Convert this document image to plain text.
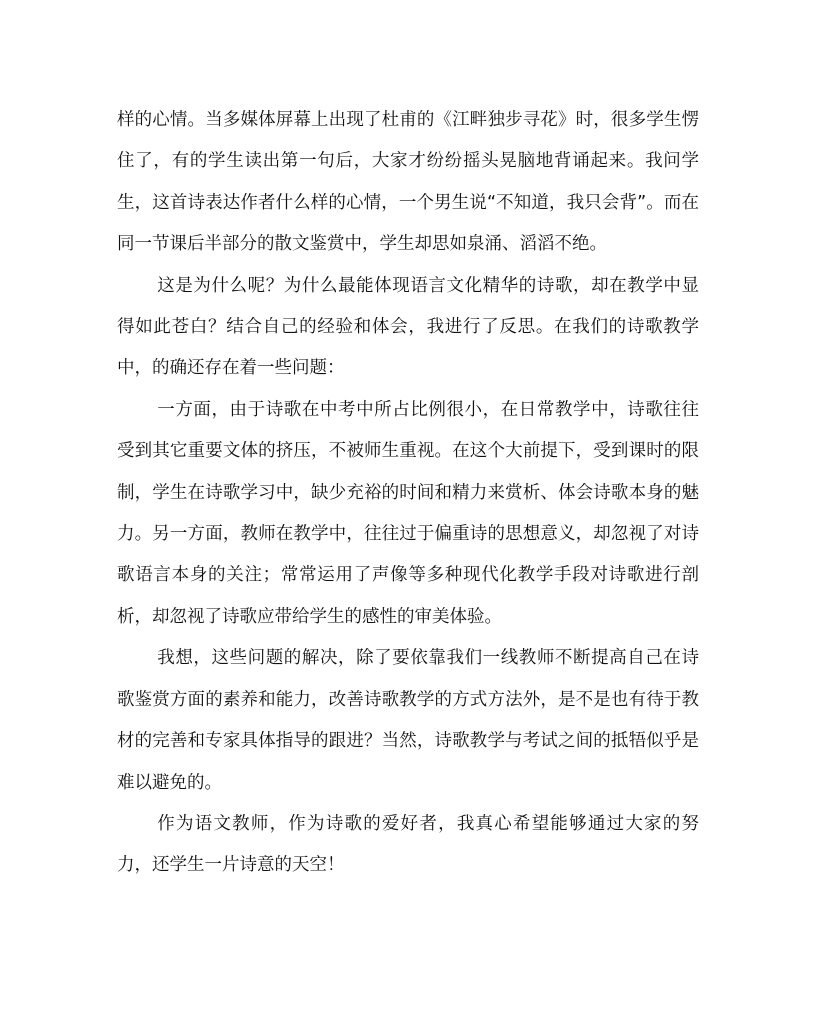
样的心情。当多媒体屏幕上出现了杜甫的《江畔独步寻花》时，很多学生愣住了，有的学生读出第一句后，大家才纷纷摇头晃脑地背诵起来。我问学生，这首诗表达作者什么样的心情，一个男生说“不知道，我只会背”。而在同一节课后半部分的散文鉴赏中，学生却思如泉涌、滔滔不绝。

这是为什么呢？为什么最能体现语言文化精华的诗歌，却在教学中显得如此苍白？结合自己的经验和体会，我进行了反思。在我们的诗歌教学中，的确还存在着一些问题：

一方面，由于诗歌在中考中所占比例很小，在日常教学中，诗歌往往受到其它重要文体的挤压，不被师生重视。在这个大前提下，受到课时的限制，学生在诗歌学习中，缺少充裕的时间和精力来赏析、体会诗歌本身的魅力。另一方面，教师在教学中，往往过于偏重诗的思想意义，却忽视了对诗歌语言本身的关注；常常运用了声像等多种现代化教学手段对诗歌进行剖析，却忽视了诗歌应带给学生的感性的审美体验。

我想，这些问题的解决，除了要依靠我们一线教师不断提高自己在诗歌鉴赏方面的素养和能力，改善诗歌教学的方式方法外，是不是也有待于教材的完善和专家具体指导的跟进？当然，诗歌教学与考试之间的抵牾似乎是难以避免的。

作为语文教师，作为诗歌的爱好者，我真心希望能够通过大家的努力，还学生一片诗意的天空！
